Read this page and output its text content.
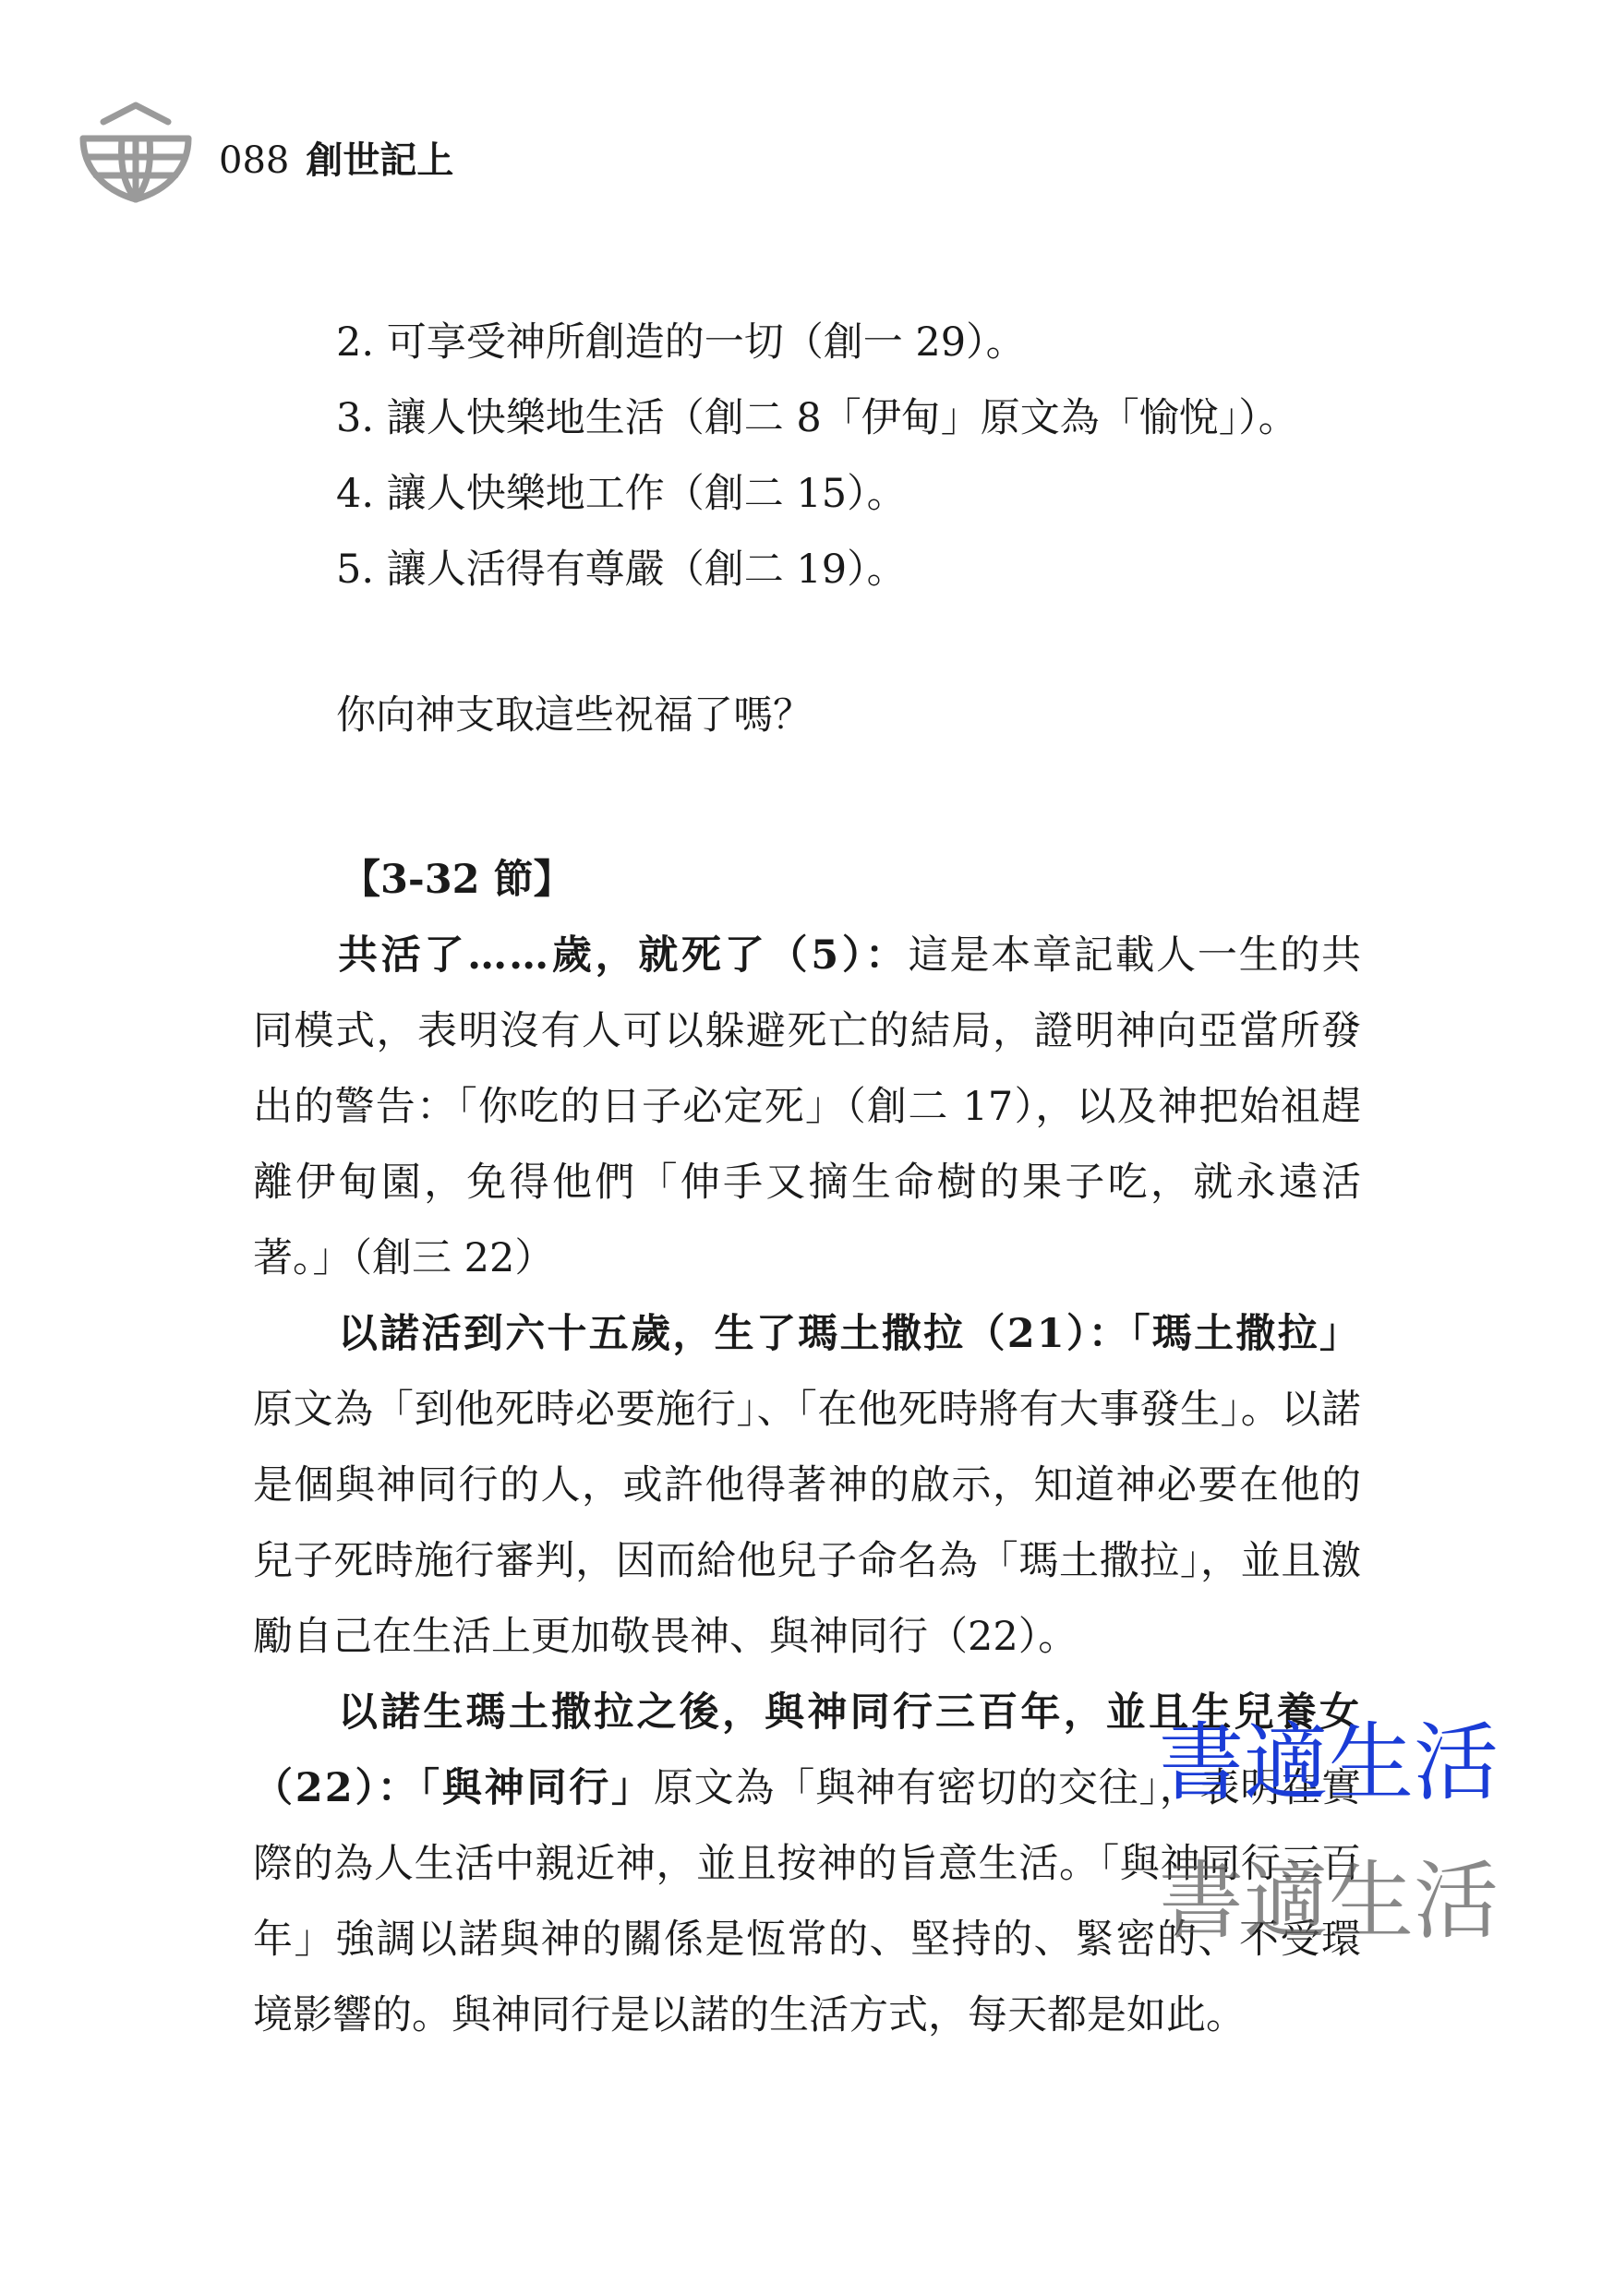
088 創世記上
2. 可享受神所創造的一切（創一 29）。
3. 讓人快樂地生活（創二 8「伊甸」原文為「愉悅」）。
4. 讓人快樂地工作（創二 15）。
5. 讓人活得有尊嚴（創二 19）。
你向神支取這些祝福了嗎？
【3-32 節】

共活了……歲，就死了（5）：這是本章記載人一生的共同模式，表明沒有人可以躲避死亡的結局，證明神向亞當所發出的警告：「你吃的日子必定死」（創二 17），以及神把始祖趕離伊甸園，免得他們「伸手又摘生命樹的果子吃，就永遠活著。」（創三 22）

以諾活到六十五歲，生了瑪土撒拉（21）：「瑪土撒拉」原文為「到他死時必要施行」、「在他死時將有大事發生」。以諾是個與神同行的人，或許他得著神的啟示，知道神必要在他的兒子死時施行審判，因而給他兒子命名為「瑪土撒拉」，並且激勵自己在生活上更加敬畏神、與神同行（22）。

以諾生瑪土撒拉之後，與神同行三百年，並且生兒養女（22）：「與神同行」原文為「與神有密切的交往」，表明在實際的為人生活中親近神，並且按神的旨意生活。「與神同行三百年」強調以諾與神的關係是恆常的、堅持的、緊密的、不受環境影響的。與神同行是以諾的生活方式，每天都是如此。

書適生活
書適生活
